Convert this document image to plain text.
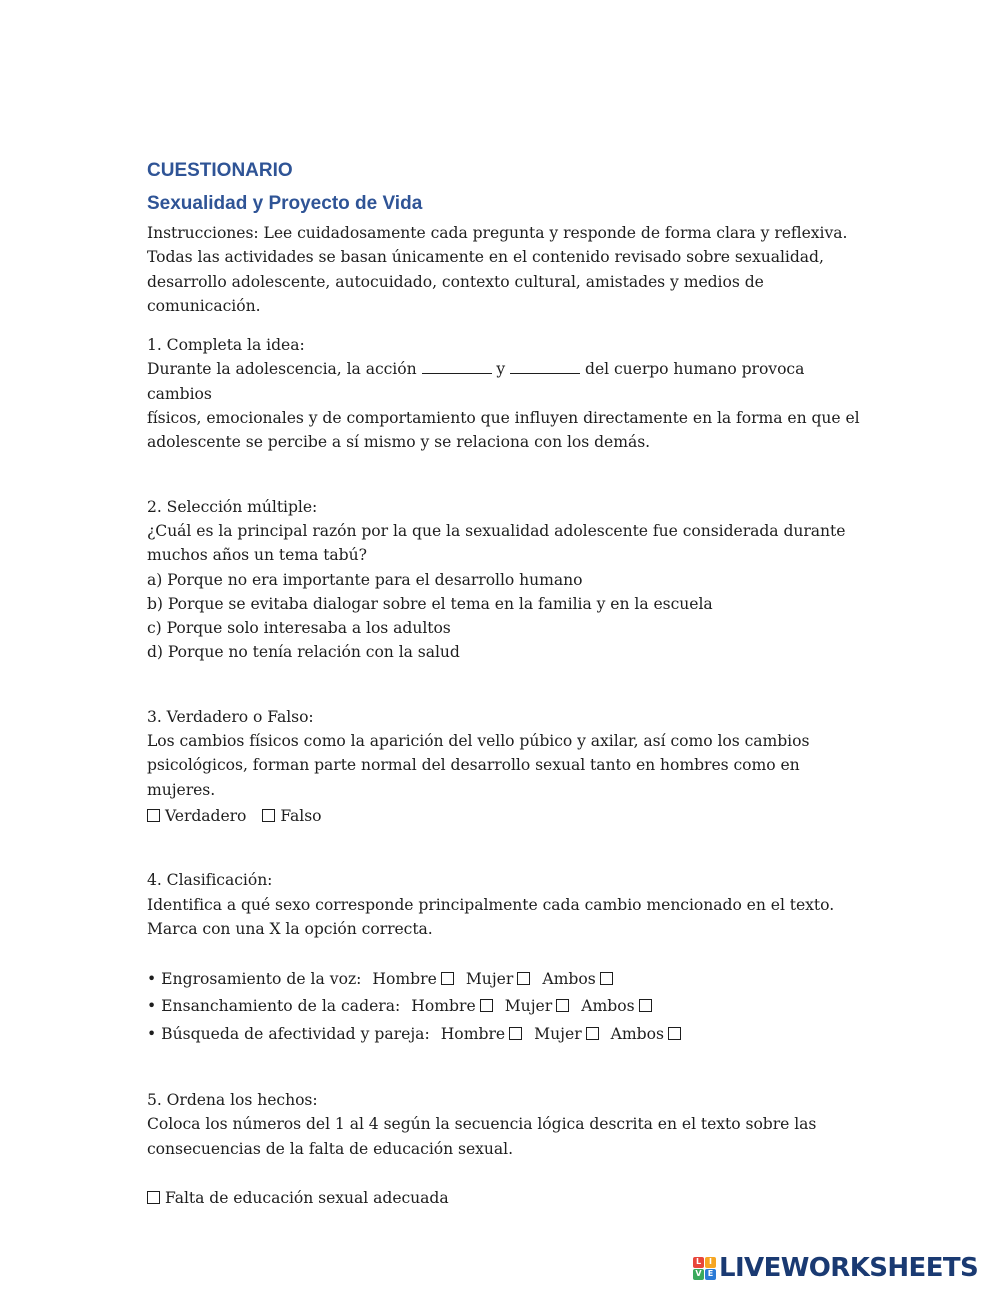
CUESTIONARIO
Sexualidad y Proyecto de Vida

Instrucciones: Lee cuidadosamente cada pregunta y responde de forma clara y reflexiva.
Todas las actividades se basan únicamente en el contenido revisado sobre sexualidad,
desarrollo adolescente, autocuidado, contexto cultural, amistades y medios de
comunicación.

1. Completa la idea:
Durante la adolescencia, la acción	y	del cuerpo humano provoca cambios
físicos, emocionales y de comportamiento que influyen directamente en la forma en que el
adolescente se percibe a sí mismo y se relaciona con los demás.

2. Selección múltiple:
¿Cuál es la principal razón por la que la sexualidad adolescente fue considerada durante
muchos años un tema tabú?
a) Porque no era importante para el desarrollo humano
b) Porque se evitaba dialogar sobre el tema en la familia y en la escuela
c) Porque solo interesaba a los adultos
d) Porque no tenía relación con la salud

3. Verdadero o Falso:
Los cambios físicos como la aparición del vello púbico y axilar, así como los cambios
psicológicos, forman parte normal del desarrollo sexual tanto en hombres como en mujeres.
Verdadero Falso

4. Clasificación:
Identifica a qué sexo corresponde principalmente cada cambio mencionado en el texto.
Marca con una X la opción correcta.

• Engrosamiento de la voz: Hombre Mujer Ambos
• Ensanchamiento de la cadera: Hombre Mujer Ambos
• Búsqueda de afectividad y pareja: Hombre Mujer Ambos

5. Ordena los hechos:
Coloca los números del 1 al 4 según la secuencia lógica descrita en el texto sobre las
consecuencias de la falta de educación sexual.

Falta de educación sexual adecuada

L I
V E LIVEWORKSHEETS
